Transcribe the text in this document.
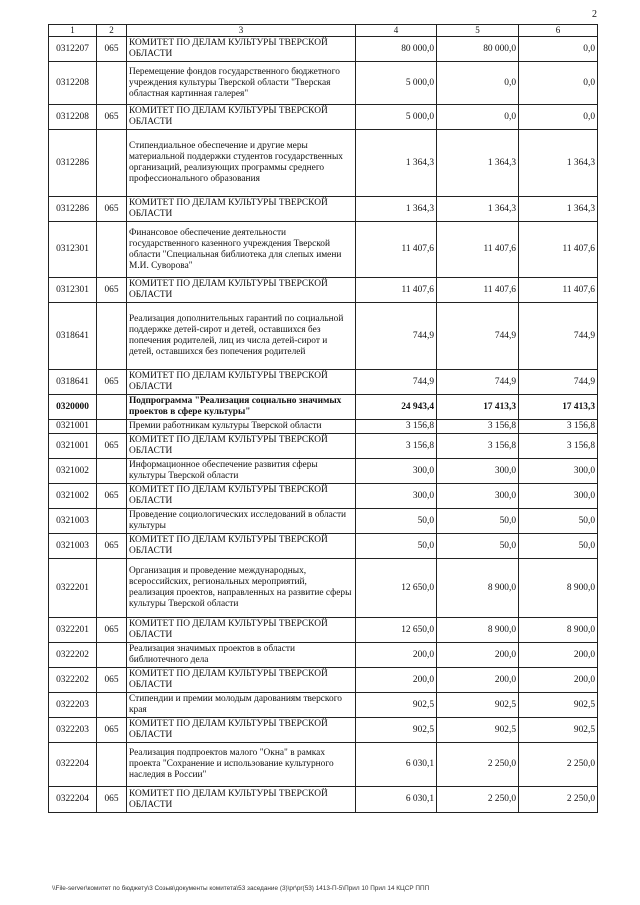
2
1	2	3	4	5	6
0312207	065	КОМИТЕТ ПО ДЕЛАМ КУЛЬТУРЫ ТВЕРСКОЙ ОБЛАСТИ	80 000,0	80 000,0	0,0
0312208		Перемещение фондов государственного бюджетного учреждения культуры Тверской области "Тверская областная картинная галерея"	5 000,0	0,0	0,0
0312208	065	КОМИТЕТ ПО ДЕЛАМ КУЛЬТУРЫ ТВЕРСКОЙ ОБЛАСТИ	5 000,0	0,0	0,0
0312286		Стипендиальное обеспечение и другие меры материальной поддержки студентов государственных организаций, реализующих программы среднего профессионального образования	1 364,3	1 364,3	1 364,3
0312286	065	КОМИТЕТ ПО ДЕЛАМ КУЛЬТУРЫ ТВЕРСКОЙ ОБЛАСТИ	1 364,3	1 364,3	1 364,3
0312301		Финансовое обеспечение деятельности государственного казенного учреждения Тверской области "Специальная библиотека для слепых имени М.И. Суворова"	11 407,6	11 407,6	11 407,6
0312301	065	КОМИТЕТ ПО ДЕЛАМ КУЛЬТУРЫ ТВЕРСКОЙ ОБЛАСТИ	11 407,6	11 407,6	11 407,6
0318641		Реализация дополнительных гарантий по социальной поддержке детей-сирот и детей, оставшихся без попечения родителей, лиц из числа детей-сирот и детей, оставшихся без попечения родителей	744,9	744,9	744,9
0318641	065	КОМИТЕТ ПО ДЕЛАМ КУЛЬТУРЫ ТВЕРСКОЙ ОБЛАСТИ	744,9	744,9	744,9
0320000		Подпрограмма "Реализация социально значимых проектов в сфере культуры"	24 943,4	17 413,3	17 413,3
0321001		Премии работникам культуры Тверской области	3 156,8	3 156,8	3 156,8
0321001	065	КОМИТЕТ ПО ДЕЛАМ КУЛЬТУРЫ ТВЕРСКОЙ ОБЛАСТИ	3 156,8	3 156,8	3 156,8
0321002		Информационное обеспечение развития сферы культуры Тверской области	300,0	300,0	300,0
0321002	065	КОМИТЕТ ПО ДЕЛАМ КУЛЬТУРЫ ТВЕРСКОЙ ОБЛАСТИ	300,0	300,0	300,0
0321003		Проведение социологических исследований в области культуры	50,0	50,0	50,0
0321003	065	КОМИТЕТ ПО ДЕЛАМ КУЛЬТУРЫ ТВЕРСКОЙ ОБЛАСТИ	50,0	50,0	50,0
0322201		Организация и проведение международных, всероссийских, региональных мероприятий, реализация проектов, направленных на развитие сферы культуры Тверской области	12 650,0	8 900,0	8 900,0
0322201	065	КОМИТЕТ ПО ДЕЛАМ КУЛЬТУРЫ ТВЕРСКОЙ ОБЛАСТИ	12 650,0	8 900,0	8 900,0
0322202		Реализация значимых проектов в области библиотечного дела	200,0	200,0	200,0
0322202	065	КОМИТЕТ ПО ДЕЛАМ КУЛЬТУРЫ ТВЕРСКОЙ ОБЛАСТИ	200,0	200,0	200,0
0322203		Стипендии и премии молодым дарованиям тверского края	902,5	902,5	902,5
0322203	065	КОМИТЕТ ПО ДЕЛАМ КУЛЬТУРЫ ТВЕРСКОЙ ОБЛАСТИ	902,5	902,5	902,5
0322204		Реализация подпроектов малого "Окна" в рамках проекта "Сохранение и использование культурного наследия в России"	6 030,1	2 250,0	2 250,0
0322204	065	КОМИТЕТ ПО ДЕЛАМ КУЛЬТУРЫ ТВЕРСКОЙ ОБЛАСТИ	6 030,1	2 250,0	2 250,0
\\File-server\комитет по бюджету\3 Созыв\документы комитета\53 заседание (3)\pr\pr(53) 1413-П-5\Прил 10 Прил 14 КЦСР ППП
